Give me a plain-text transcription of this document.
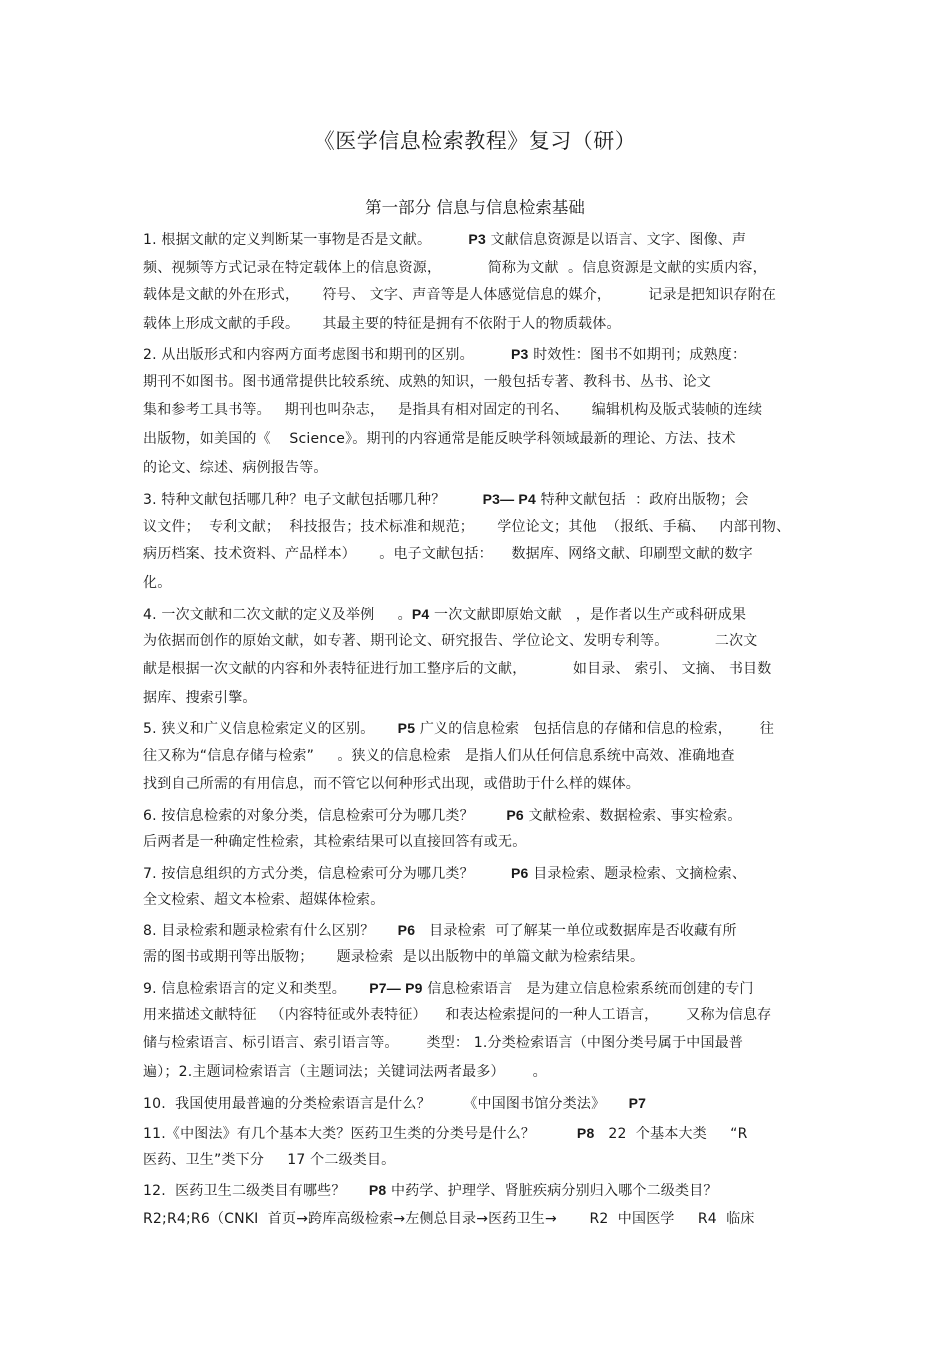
《医学信息检索教程》复习（研）
第一部分 信息与信息检索基础
1. 根据文献的定义判断某一事物是否是文献。        P3 文献信息资源是以语言、文字、图像、声
频、视频等方式记录在特定载体上的信息资源，          简称为文献  。信息资源是文献的实质内容，
载体是文献的外在形式，     符号、 文字、声音等是人体感觉信息的媒介，        记录是把知识存附在
载体上形成文献的手段。     其最主要的特征是拥有不依附于人的物质载体。
2. 从出版形式和内容两方面考虑图书和期刊的区别。        P3 时效性：图书不如期刊；成熟度：
期刊不如图书。图书通常提供比较系统、成熟的知识，一般包括专著、教科书、丛书、论文
集和参考工具书等。   期刊也叫杂志，   是指具有相对固定的刊名、     编辑机构及版式装帧的连续
出版物，如美国的《    Science》。期刊的内容通常是能反映学科领域最新的理论、方法、技术
的论文、综述、病例报告等。
3. 特种文献包括哪几种？电子文献包括哪几种？        P3— P4 特种文献包括  ：政府出版物；会
议文件；  专利文献；  科技报告；技术标准和规范；     学位论文；其他  （报纸、手稿、   内部刊物、
病历档案、技术资料、产品样本）     。电子文献包括：    数据库、网络文献、印刷型文献的数字
化。
4. 一次文献和二次文献的定义及举例     。P4 一次文献即原始文献   ，是作者以生产或科研成果
为依据而创作的原始文献，如专著、期刊论文、研究报告、学位论文、发明专利等。          二次文
献是根据一次文献的内容和外表特征进行加工整序后的文献，          如目录、 索引、 文摘、 书目数
据库、搜索引擎。
5. 狭义和广义信息检索定义的区别。     P5 广义的信息检索   包括信息的存储和信息的检索，      往
往又称为“信息存储与检索”     。狭义的信息检索   是指人们从任何信息系统中高效、准确地查
找到自己所需的有用信息，而不管它以何种形式出现，或借助于什么样的媒体。
6. 按信息检索的对象分类，信息检索可分为哪几类？       P6 文献检索、数据检索、事实检索。
后两者是一种确定性检索，其检索结果可以直接回答有或无。
7. 按信息组织的方式分类，信息检索可分为哪几类？        P6 目录检索、题录检索、文摘检索、
全文检索、超文本检索、超媒体检索。
8. 目录检索和题录检索有什么区别？     P6   目录检索  可了解某一单位或数据库是否收藏有所
需的图书或期刊等出版物；     题录检索  是以出版物中的单篇文献为检索结果。
9. 信息检索语言的定义和类型。     P7— P9 信息检索语言   是为建立信息检索系统而创建的专门
用来描述文献特征   （内容特征或外表特征）    和表达检索提问的一种人工语言，      又称为信息存
储与检索语言、标引语言、索引语言等。      类型： 1.分类检索语言（中图分类号属于中国最普
遍）；2.主题词检索语言（主题词法；关键词法两者最多）      。
10.  我国使用最普遍的分类检索语言是什么？       《中国图书馆分类法》     P7
11.《中图法》有几个基本大类？医药卫生类的分类号是什么？         P8   22  个基本大类     “R
医药、卫生”类下分     17 个二级类目。
12.  医药卫生二级类目有哪些？     P8 中药学、护理学、肾脏疾病分别归入哪个二级类目？
R2;R4;R6（CNKI  首页→跨库高级检索→左侧总目录→医药卫生→       R2  中国医学     R4  临床
